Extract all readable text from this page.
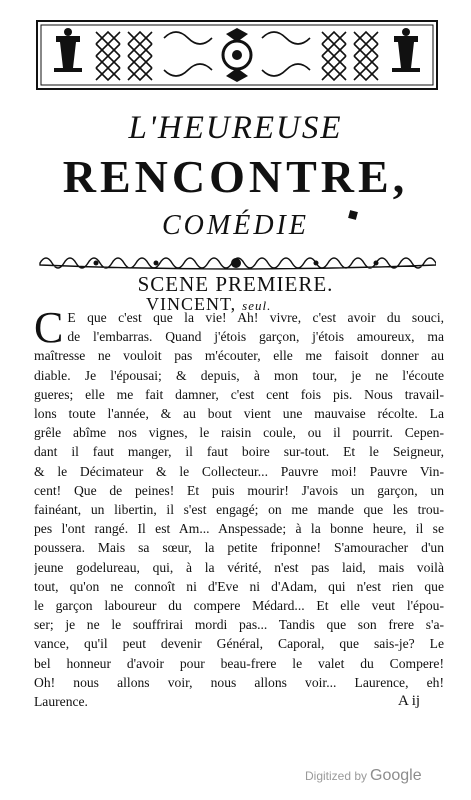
L'HEUREUSE
RENCONTRE,
COMÉDIE
SCENE PREMIERE.
VINCENT, seul.
C E que c'est que la vie! Ah! vivre, c'est avoir du souci,
de l'embarras. Quand j'étois garçon, j'étois amoureux, ma
maîtresse ne vouloit pas m'écouter, elle me faisoit donner au
diable. Je l'épousai; & depuis, à mon tour, je ne l'écoute
gueres; elle me fait damner, c'est cent fois pis. Nous travail-
lons toute l'année, & au bout vient une mauvaise récolte. La
grêle abîme nos vignes, le raisin coule, ou il pourrit. Cepen-
dant il faut manger, il faut boire sur-tout. Et le Seigneur,
& le Décimateur & le Collecteur... Pauvre moi! Pauvre Vin-
cent! Que de peines! Et puis mourir! J'avois un garçon, un
fainéant, un libertin, il s'est engagé; on me mande que les trou-
pes l'ont rangé. Il est Am... Anspessade; à la bonne heure, il se
poussera. Mais sa sœur, la petite friponne! S'amouracher d'un
jeune godelureau, qui, à la vérité, n'est pas laid, mais voilà
tout, qu'on ne connoît ni d'Eve ni d'Adam, qui n'est rien que
le garçon laboureur du compere Médard... Et elle veut l'épou-
ser; je ne le souffrirai mordi pas... Tandis que son frere s'a-
vance, qu'il peut devenir Général, Caporal, que sais-je? Le
bel honneur d'avoir pour beau-frere le valet du Compere!
Oh! nous allons voir, nous allons voir... Laurence, eh!
Laurence.	A ij
Digitized by Google
